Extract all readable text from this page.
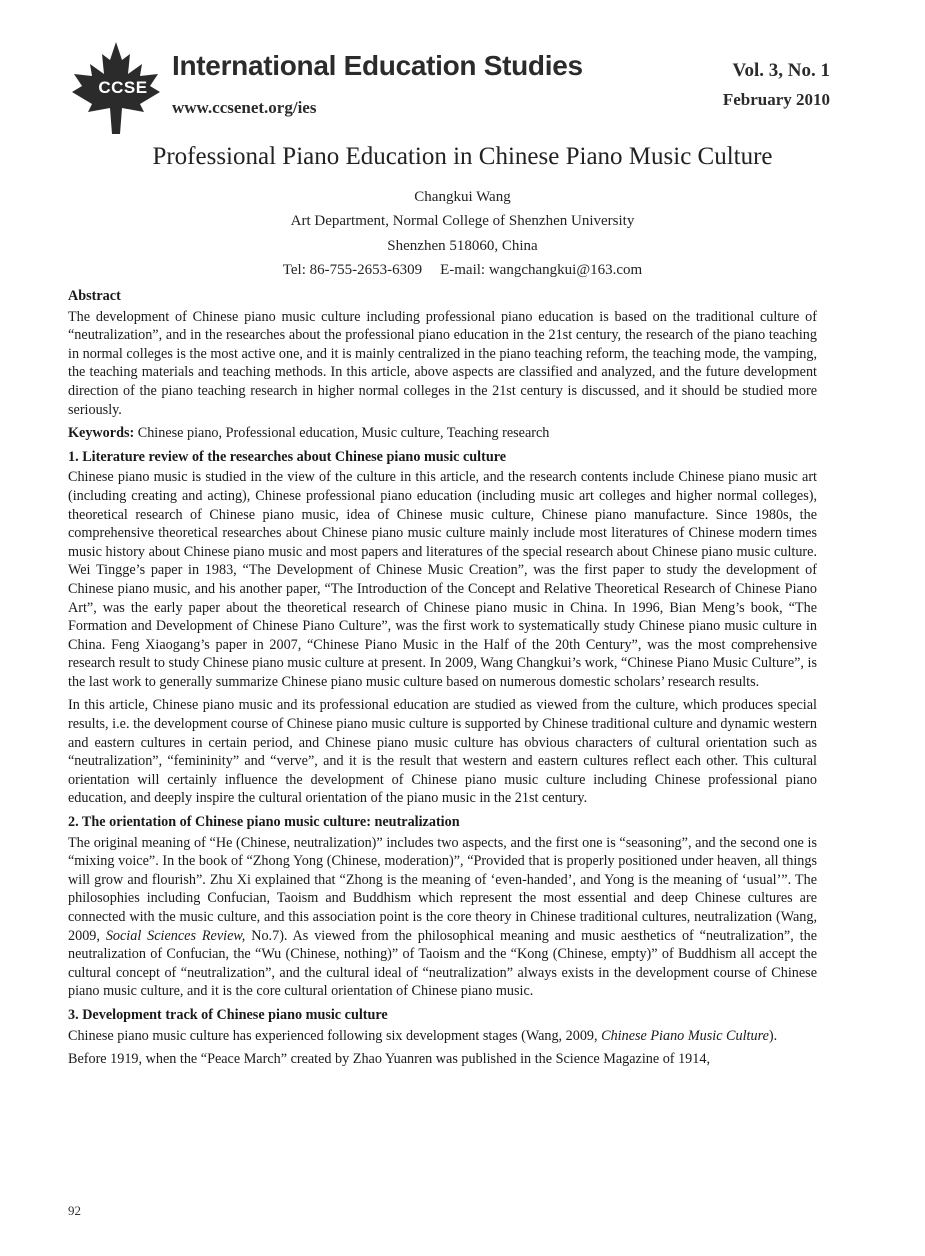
CCSE
International Education Studies
www.ccsenet.org/ies
Vol. 3, No. 1
February 2010
Professional Piano Education in Chinese Piano Music Culture
Changkui Wang
Art Department, Normal College of Shenzhen University
Shenzhen 518060, China
Tel: 86-755-2653-6309 E-mail: wangchangkui@163.com
Abstract

The development of Chinese piano music culture including professional piano education is based on the traditional culture of “neutralization”, and in the researches about the professional piano education in the 21st century, the research of the piano teaching in normal colleges is the most active one, and it is mainly centralized in the piano teaching reform, the teaching mode, the vamping, the teaching materials and teaching methods. In this article, above aspects are classified and analyzed, and the future development direction of the piano teaching research in higher normal colleges in the 21st century is discussed, and it should be studied more seriously.

Keywords: Chinese piano, Professional education, Music culture, Teaching research

1. Literature review of the researches about Chinese piano music culture

Chinese piano music is studied in the view of the culture in this article, and the research contents include Chinese piano music art (including creating and acting), Chinese professional piano education (including music art colleges and higher normal colleges), theoretical research of Chinese piano music, idea of Chinese music culture, Chinese piano manufacture. Since 1980s, the comprehensive theoretical researches about Chinese piano music culture mainly include most literatures of Chinese modern times music history about Chinese piano music and most papers and literatures of the special research about Chinese piano music culture. Wei Tingge’s paper in 1983, “The Development of Chinese Music Creation”, was the first paper to study the development of Chinese piano music, and his another paper, “The Introduction of the Concept and Relative Theoretical Research of Chinese Piano Art”, was the early paper about the theoretical research of Chinese piano music in China. In 1996, Bian Meng’s book, “The Formation and Development of Chinese Piano Culture”, was the first work to systematically study Chinese piano music culture in China. Feng Xiaogang’s paper in 2007, “Chinese Piano Music in the Half of the 20th Century”, was the most comprehensive research result to study Chinese piano music culture at present. In 2009, Wang Changkui’s work, “Chinese Piano Music Culture”, is the last work to generally summarize Chinese piano music culture based on numerous domestic scholars’ research results.

In this article, Chinese piano music and its professional education are studied as viewed from the culture, which produces special results, i.e. the development course of Chinese piano music culture is supported by Chinese traditional culture and dynamic western and eastern cultures in certain period, and Chinese piano music culture has obvious characters of cultural orientation such as “neutralization”, “femininity” and “verve”, and it is the result that western and eastern cultures reflect each other. This cultural orientation will certainly influence the development of Chinese piano music culture including Chinese professional piano education, and deeply inspire the cultural orientation of the piano music in the 21st century.

2. The orientation of Chinese piano music culture: neutralization

The original meaning of “He (Chinese, neutralization)” includes two aspects, and the first one is “seasoning”, and the second one is “mixing voice”. In the book of “Zhong Yong (Chinese, moderation)”, “Provided that is properly positioned under heaven, all things will grow and flourish”. Zhu Xi explained that “Zhong is the meaning of ‘even-handed’, and Yong is the meaning of ‘usual’”. The philosophies including Confucian, Taoism and Buddhism which represent the most essential and deep Chinese cultures are connected with the music culture, and this association point is the core theory in Chinese traditional cultures, neutralization (Wang, 2009, Social Sciences Review, No.7). As viewed from the philosophical meaning and music aesthetics of “neutralization”, the neutralization of Confucian, the “Wu (Chinese, nothing)” of Taoism and the “Kong (Chinese, empty)” of Buddhism all accept the cultural concept of “neutralization”, and the cultural ideal of “neutralization” always exists in the development course of Chinese piano music culture, and it is the core cultural orientation of Chinese piano music.

3. Development track of Chinese piano music culture

Chinese piano music culture has experienced following six development stages (Wang, 2009, Chinese Piano Music Culture).

Before 1919, when the “Peace March” created by Zhao Yuanren was published in the Science Magazine of 1914,

92
